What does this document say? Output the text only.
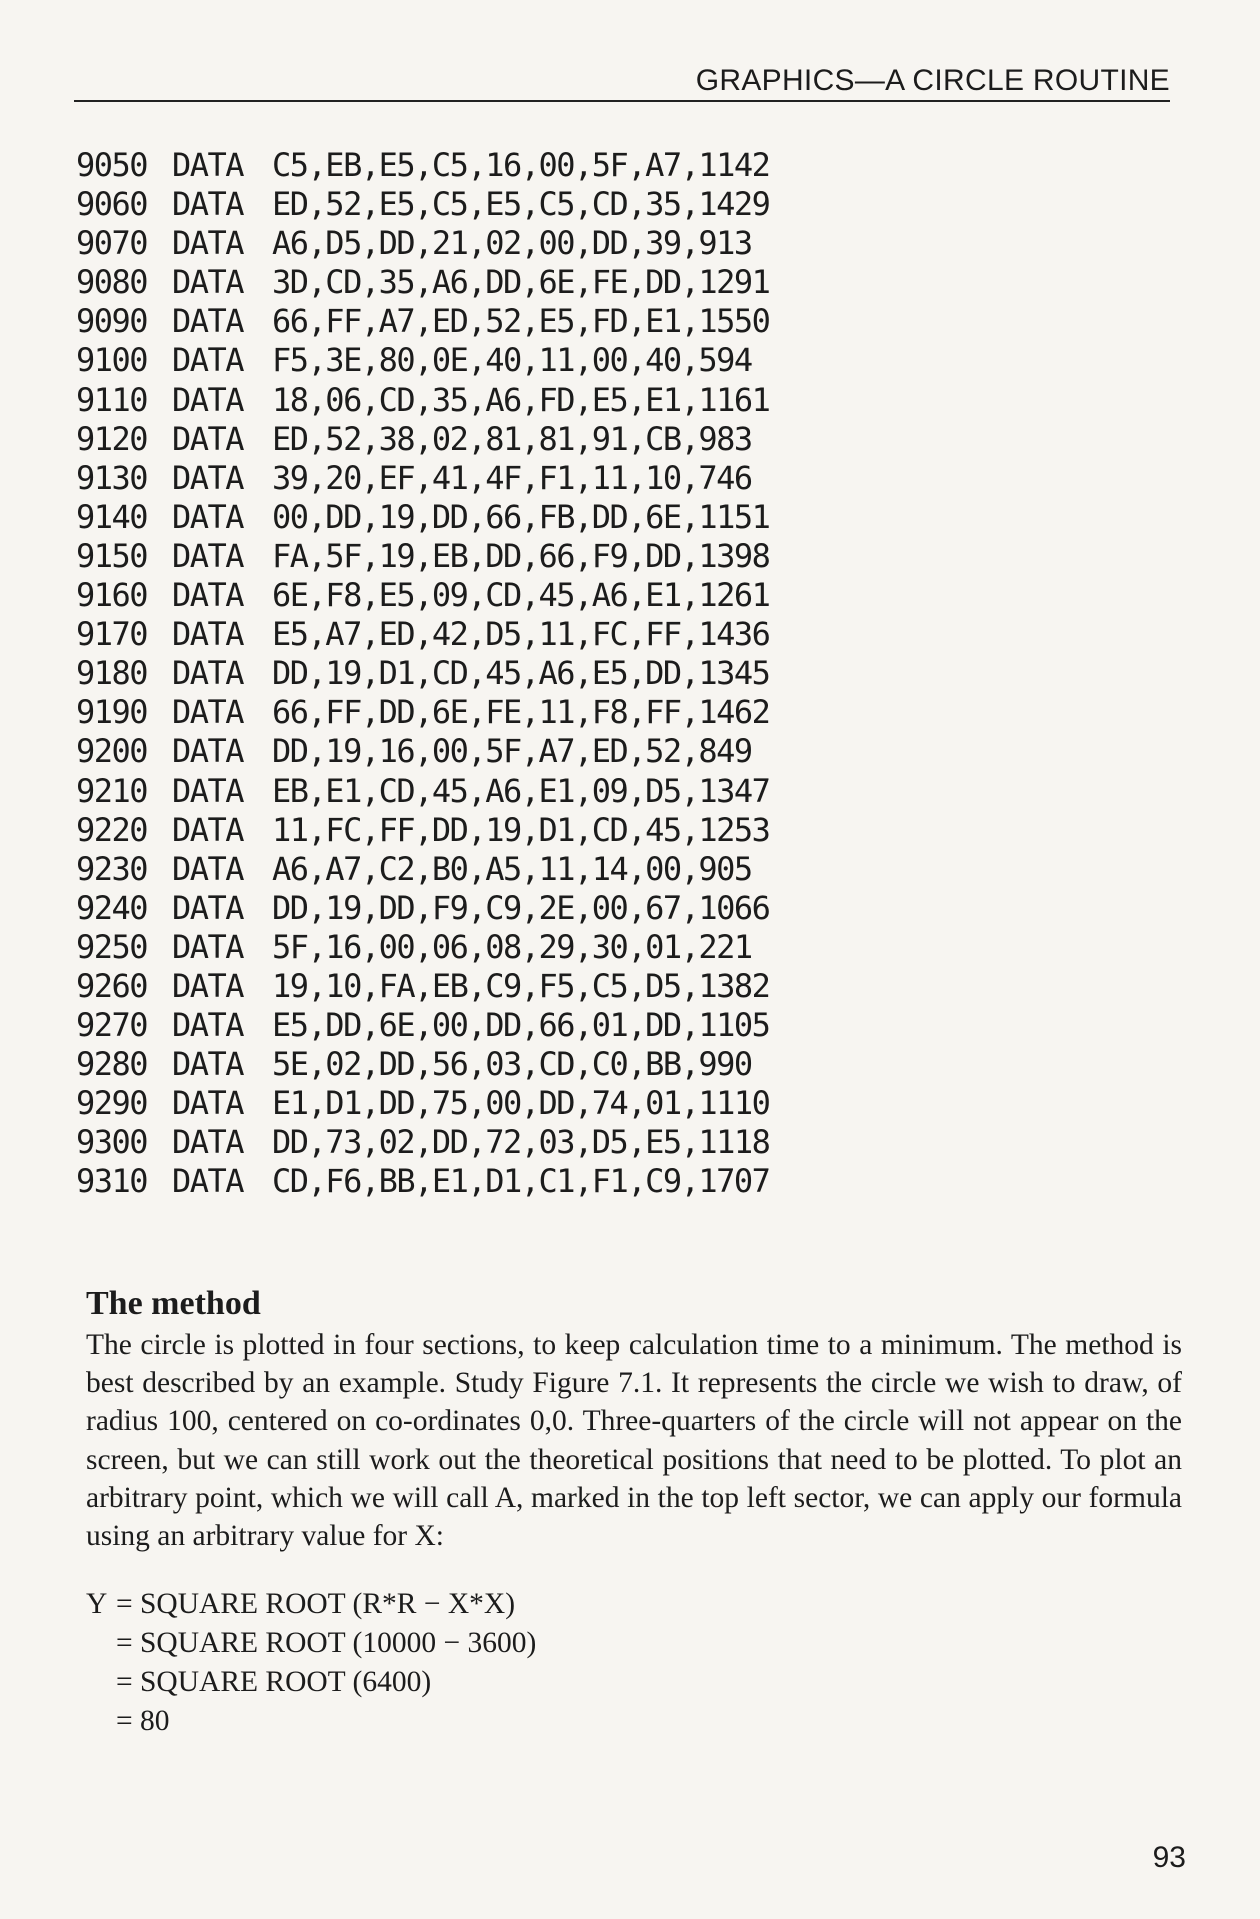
GRAPHICS—A CIRCLE ROUTINE
9050 DATA C5,EB,E5,C5,16,00,5F,A7,1142
9060 DATA ED,52,E5,C5,E5,C5,CD,35,1429
9070 DATA A6,D5,DD,21,02,00,DD,39,913
9080 DATA 3D,CD,35,A6,DD,6E,FE,DD,1291
9090 DATA 66,FF,A7,ED,52,E5,FD,E1,1550
9100 DATA F5,3E,80,0E,40,11,00,40,594
9110 DATA 18,06,CD,35,A6,FD,E5,E1,1161
9120 DATA ED,52,38,02,81,81,91,CB,983
9130 DATA 39,20,EF,41,4F,F1,11,10,746
9140 DATA 00,DD,19,DD,66,FB,DD,6E,1151
9150 DATA FA,5F,19,EB,DD,66,F9,DD,1398
9160 DATA 6E,F8,E5,09,CD,45,A6,E1,1261
9170 DATA E5,A7,ED,42,D5,11,FC,FF,1436
9180 DATA DD,19,D1,CD,45,A6,E5,DD,1345
9190 DATA 66,FF,DD,6E,FE,11,F8,FF,1462
9200 DATA DD,19,16,00,5F,A7,ED,52,849
9210 DATA EB,E1,CD,45,A6,E1,09,D5,1347
9220 DATA 11,FC,FF,DD,19,D1,CD,45,1253
9230 DATA A6,A7,C2,B0,A5,11,14,00,905
9240 DATA DD,19,DD,F9,C9,2E,00,67,1066
9250 DATA 5F,16,00,06,08,29,30,01,221
9260 DATA 19,10,FA,EB,C9,F5,C5,D5,1382
9270 DATA E5,DD,6E,00,DD,66,01,DD,1105
9280 DATA 5E,02,DD,56,03,CD,C0,BB,990
9290 DATA E1,D1,DD,75,00,DD,74,01,1110
9300 DATA DD,73,02,DD,72,03,D5,E5,1118
9310 DATA CD,F6,BB,E1,D1,C1,F1,C9,1707
The method

The circle is plotted in four sections, to keep calculation time to a minimum. The method is best described by an example. Study Figure 7.1. It represents the circle we wish to draw, of radius 100, centered on co-ordinates 0,0. Three-quarters of the circle will not appear on the screen, but we can still work out the theoretical positions that need to be plotted. To plot an arbitrary point, which we will call A, marked in the top left sector, we can apply our formula using an arbitrary value for X:

Y = SQUARE ROOT (R*R − X*X)
= SQUARE ROOT (10000 − 3600)
= SQUARE ROOT (6400)
= 80
93
